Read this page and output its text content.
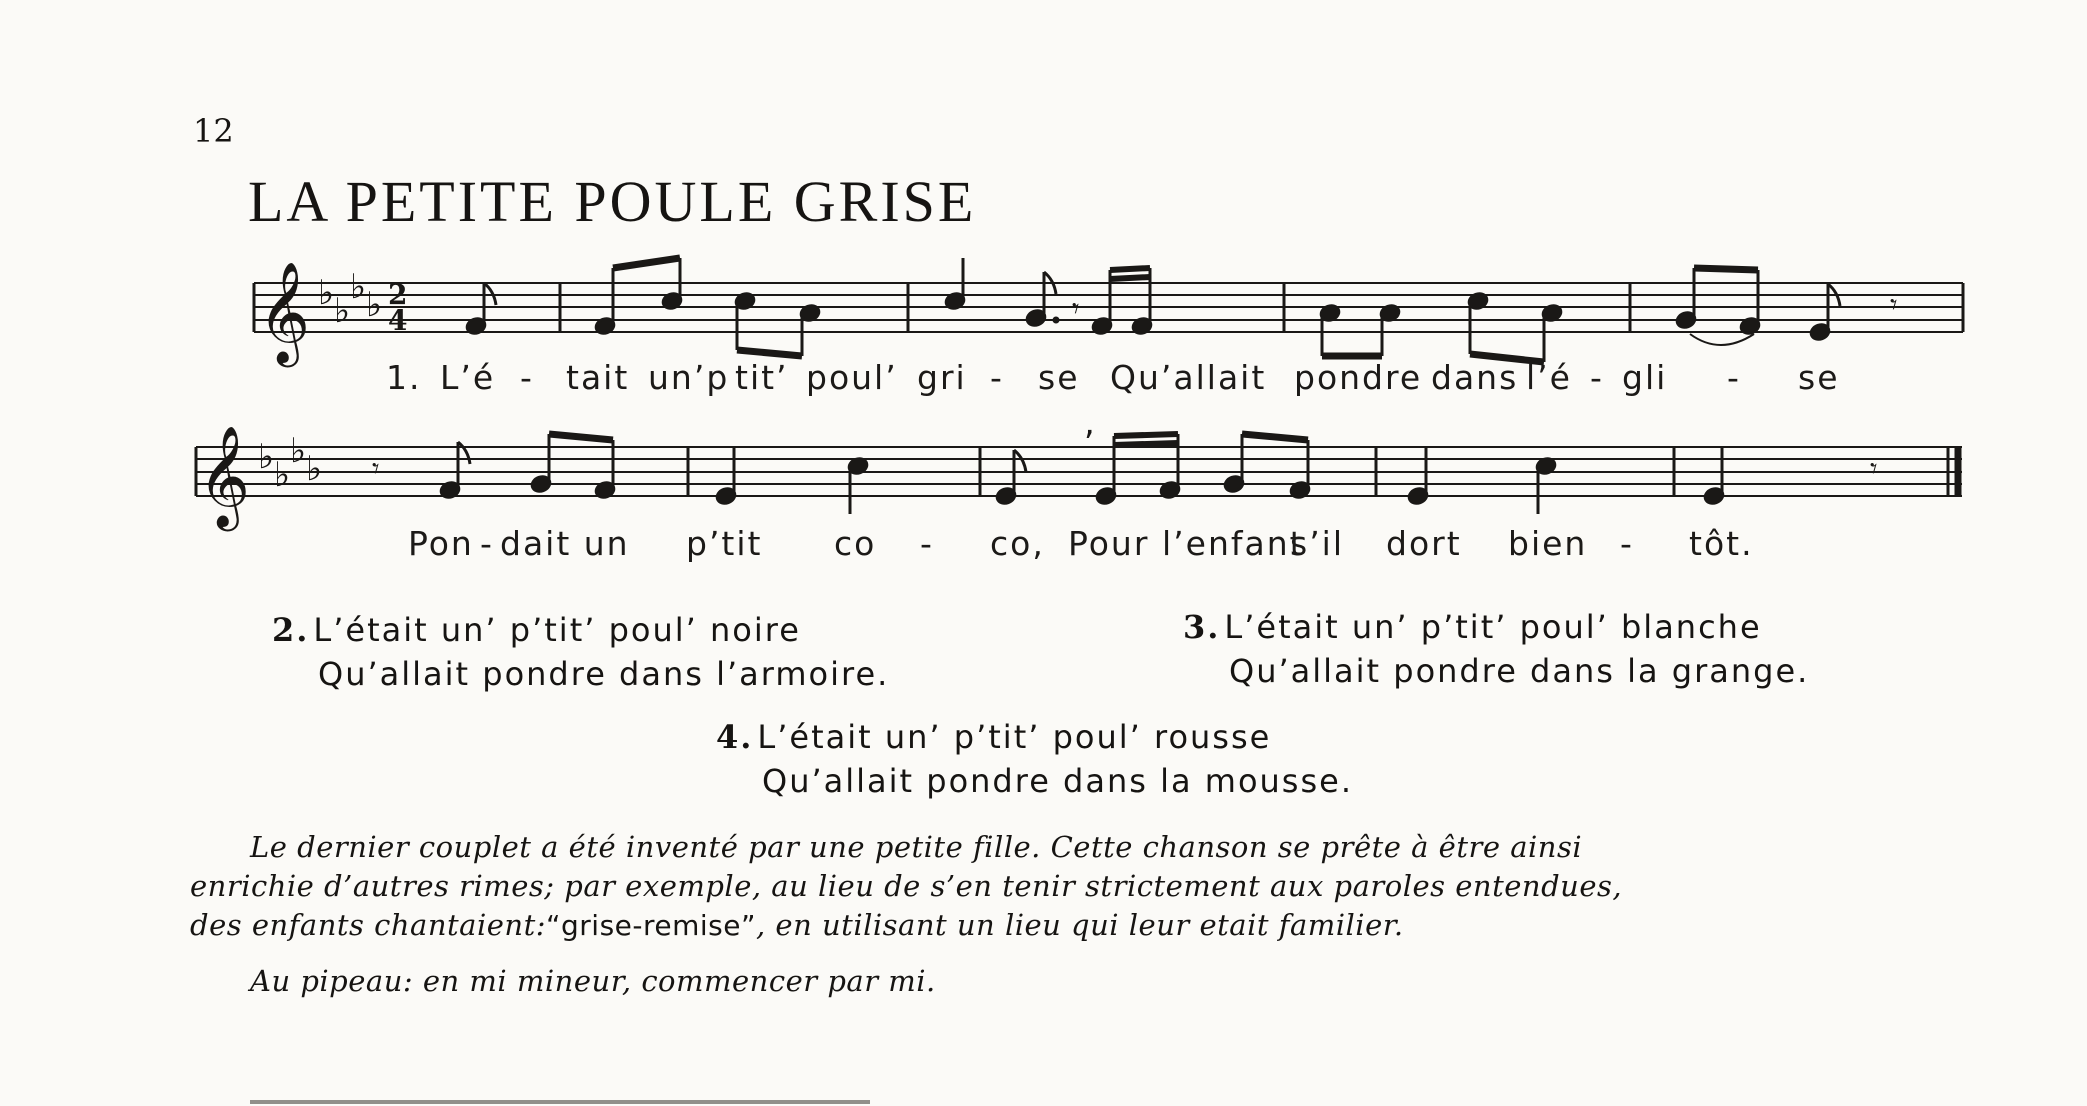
12
LA PETITE POULE GRISE
𝄞 ♭ ♭
♭ ♭ 2
4	𝄾	𝄾
1. L’é - tait un’p tit’ poul’ gri - se Qu’allait pondre dans l’é - gli - se
𝄞 ♭ ♭
♭ ♭ 𝄾	𝄾
,
Pon - dait un p’tit co - co, Pour l’enfant
s’il dort bien - tôt.
2. L’était un’ p’tit’ poul’ noire
Qu’allait pondre dans l’armoire.
3. L’était un’ p’tit’ poul’ blanche
Qu’allait pondre dans la grange.
4. L’était un’ p’tit’ poul’ rousse
Qu’allait pondre dans la mousse.
Le dernier couplet a été inventé par une petite fille. Cette chanson se prête à être ainsi
enrichie d’autres rimes; par exemple, au lieu de s’en tenir strictement aux paroles entendues,
des enfants chantaient:“grise-remise”, en utilisant un lieu qui leur etait familier.
Au pipeau: en mi mineur, commencer par mi.
